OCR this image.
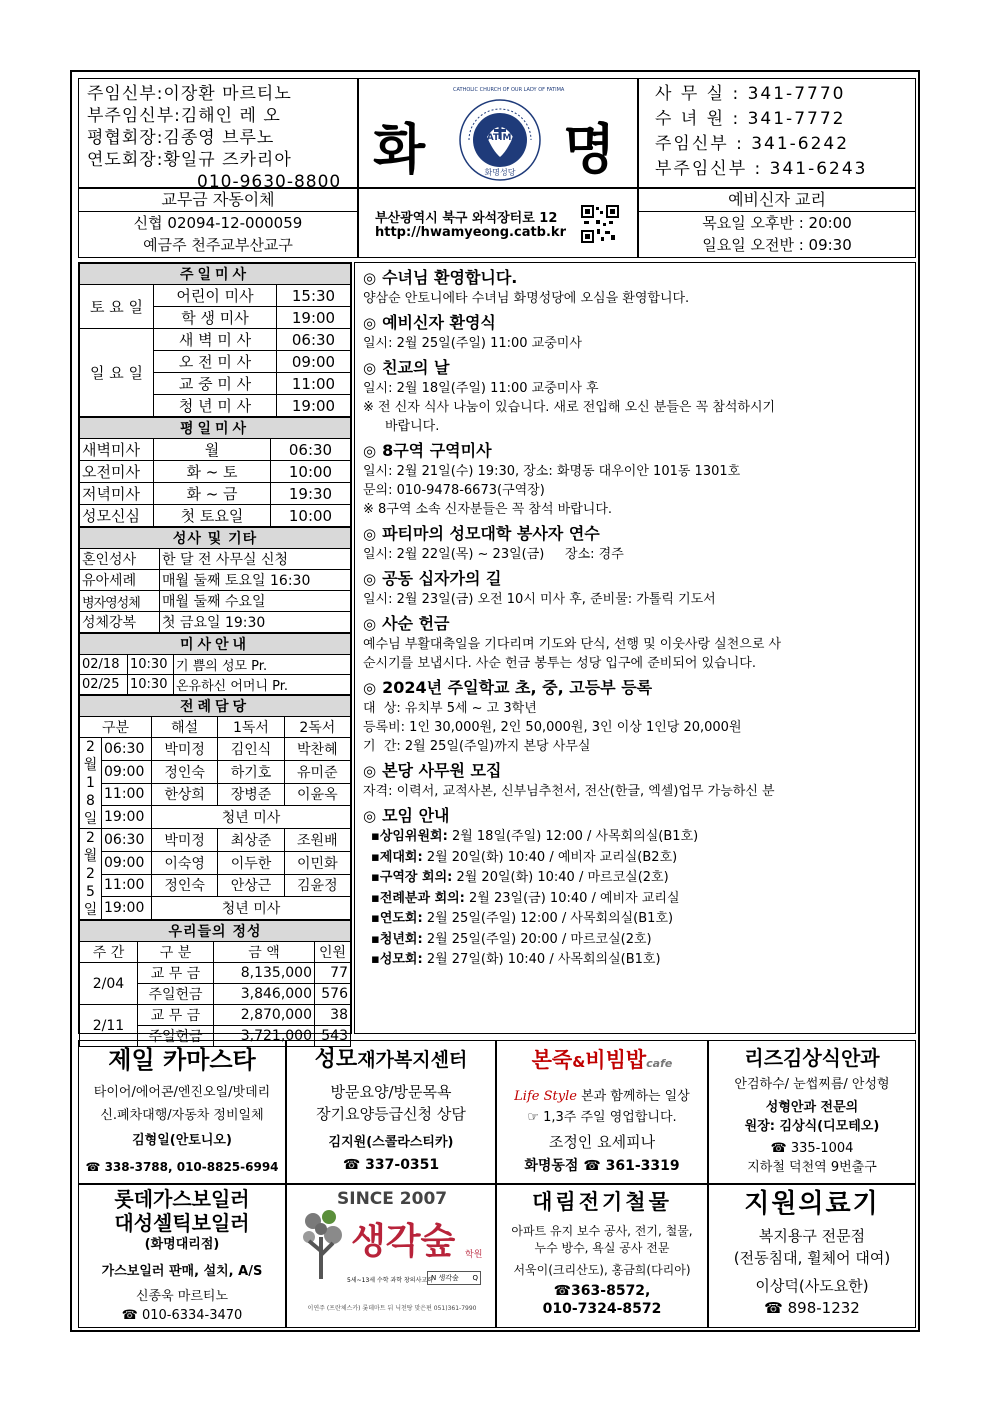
주임신부:이장환 마르티노
부주임신부:김해인 레 오
평협회장:김종영 브루노
연도회장:황일규 즈카리아
010-9630-8800
화	명
FATIMA
화명성당
CATHOLIC CHURCH OF OUR LADY OF FATIMA	사 무 실 : 341-7770
수 녀 원 : 341-7772
주임신부 : 341-6242
부주임신부 : 341-6243
교무금 자동이체
신협 02094-12-000059
예금주 천주교부산교구
부산광역시 북구 와석장터로 12
http://hwamyeong.catb.kr
예비신자 교리
목요일 오후반 : 20:00
일요일 오전반 : 09:30
주일미사		
토 요 일	어린이 미사	15:30
	학 생 미사	19:00
일 요 일	새 벽 미 사	06:30
	오 전 미 사	09:00
	교 중 미 사	11:00
	청 년 미 사	19:00
평일미사		
새벽미사	월	06:30
오전미사	화 ~ 토	10:00
저녁미사	화 ~ 금	19:30
성모신심	첫 토요일	10:00
성사 및 기타	
혼인성사	한 달 전 사무실 신청
유아세례	매월 둘째 토요일 16:30
병자영성체	매월 둘째 수요일
성체강복	첫 금요일 19:30
미사안내		
02/18	10:30	기 쁨의 성모 Pr.
02/25	10:30	온유하신 어머니 Pr.
전례담당				
구분		해설	1독서	2독서
2월18일	06:30	박미정	김인식	박찬혜
	09:00	정인숙	하기호	유미준
	11:00	한상희	장병준	이윤옥
	19:00	청년 미사		
2월25일	06:30	박미정	최상준	조원배
	09:00	이숙영	이두한	이민화
	11:00	정인숙	안상근	김윤정
	19:00	청년 미사		
우리들의 정성			
주 간	구 분	금 액	인원
2/04	교 무 금	8,135,000	77
	주일헌금	3,846,000	576
2/11	교 무 금	2,870,000	38
	주일헌금	3,721,000	543
◎ 수녀님 환영합니다.
양삼순 안토니에타 수녀님 화명성당에 오심을 환영합니다.
◎ 예비신자 환영식
일시: 2월 25일(주일) 11:00 교중미사
◎ 친교의 날
일시: 2월 18일(주일) 11:00 교중미사 후
※ 전 신자 식사 나눔이 있습니다. 새로 전입해 오신 분들은 꼭 참석하시기
바랍니다.
◎ 8구역 구역미사
일시: 2월 21일(수) 19:30, 장소: 화명동 대우이안 101동 1301호
문의: 010-9478-6673(구역장)
※ 8구역 소속 신자분들은 꼭 참석 바랍니다.
◎ 파티마의 성모대학 봉사자 연수
일시: 2월 22일(목) ~ 23일(금)     장소: 경주
◎ 공동 십자가의 길
일시: 2월 23일(금) 오전 10시 미사 후, 준비물: 가톨릭 기도서
◎ 사순 헌금
예수님 부활대축일을 기다리며 기도와 단식, 선행 및 이웃사랑 실천으로 사
순시기를 보냅시다. 사순 헌금 봉투는 성당 입구에 준비되어 있습니다.
◎ 2024년 주일학교 초, 중, 고등부 등록
대  상: 유치부 5세 ~ 고 3학년
등록비: 1인 30,000원, 2인 50,000원, 3인 이상 1인당 20,000원
기  간: 2월 25일(주일)까지 본당 사무실
◎ 본당 사무원 모집
자격: 이력서, 교적사본, 신부님추천서, 전산(한글, 엑셀)업무 가능하신 분
◎ 모임 안내
▪상임위원회: 2월 18일(주일) 12:00 / 사목회의실(B1호)
▪제대회: 2월 20일(화) 10:40 / 예비자 교리실(B2호)
▪구역장 회의: 2월 20일(화) 10:40 / 마르코실(2호)
▪전례분과 회의: 2월 23일(금) 10:40 / 예비자 교리실
▪연도회: 2월 25일(주일) 12:00 / 사목회의실(B1호)
▪청년회: 2월 25일(주일) 20:00 / 마르코실(2호)
▪성모회: 2월 27일(화) 10:40 / 사목회의실(B1호)
제일 카마스타
타이어/에어콘/엔진오일/밧데리
신.폐차대행/자동차 정비일체
김형일(안토니오)
☎ 338-3788, 010-8825-6994
성모재가복지센터
방문요양/방문목욕
장기요양등급신청 상담
김지원(스콜라스티카)
☎ 337-0351
본죽&비빔밥cafe
Life Style 본과 함께하는 일상
☞ 1,3주 주일 영업합니다.
조정인 요세피나
화명동점 ☎ 361-3319
리즈김상식안과
안검하수/ 눈썹찌름/ 안성형
성형안과 전문의
원장: 김상식(디모테오)
☎ 335-1004
지하철 덕천역 9번출구
롯데가스보일러
대성셀틱보일러
(화명대리점)
가스보일러 판매, 설치, A/S
신종욱 마르티노
☎ 010-6334-3470
SINCE 2007
생각숲 학원
5세~13세 수학 과학 창의사고력
N 생각숲 Q
이연주 (프란체스카) 롯데마트 뒤 닉천탕 맞은편 051)361-7990
대림전기철물
아파트 유지 보수 공사, 전기, 철물,
누수 방수, 욕실 공사 전문
서욱이(크리산도), 홍금희(다리아)
☎363-8572,
010-7324-8572
지원의료기
복지용구 전문점
(전동침대, 휠체어 대여)
이상덕(사도요한)
☎ 898-1232
